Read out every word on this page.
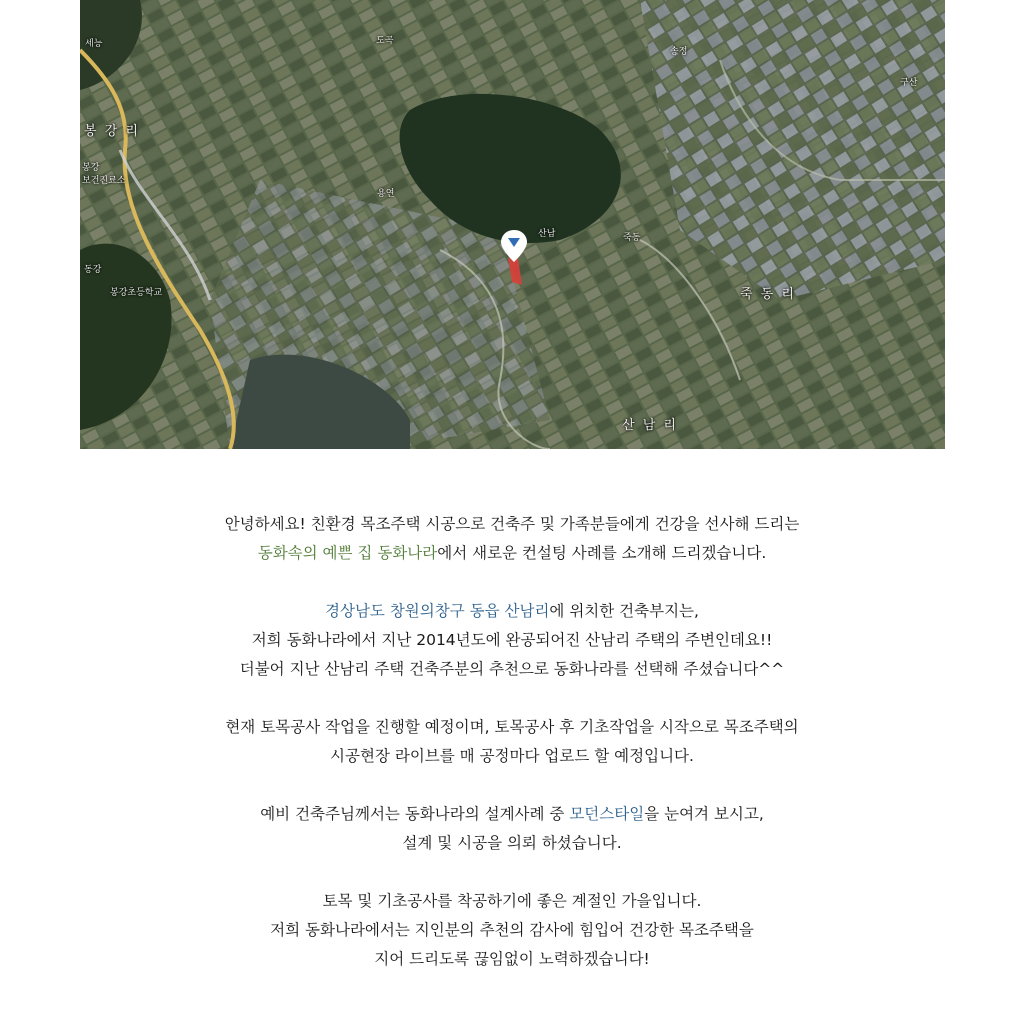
세능
봉 강 리
봉강
보건진료소
봉강초등학교
동강
도곡
용연
산남	죽동
송정
구산
죽 동 리
산 남 리

안녕하세요! 친환경 목조주택 시공으로 건축주 및 가족분들에게 건강을 선사해 드리는
동화속의 예쁜 집 동화나라에서 새로운 컨설팅 사례를 소개해 드리겠습니다.

경상남도 창원의창구 동읍 산남리에 위치한 건축부지는,
저희 동화나라에서 지난 2014년도에 완공되어진 산남리 주택의 주변인데요!!
더불어 지난 산남리 주택 건축주분의 추천으로 동화나라를 선택해 주셨습니다^^

현재 토목공사 작업을 진행할 예정이며, 토목공사 후 기초작업을 시작으로 목조주택의
시공현장 라이브를 매 공정마다 업로드 할 예정입니다.

예비 건축주님께서는 동화나라의 설계사례 중 모던스타일을 눈여겨 보시고,
설계 및 시공을 의뢰 하셨습니다.

토목 및 기초공사를 착공하기에 좋은 계절인 가을입니다.
저희 동화나라에서는 지인분의 추천의 감사에 힘입어 건강한 목조주택을
지어 드리도록 끊임없이 노력하겠습니다!
